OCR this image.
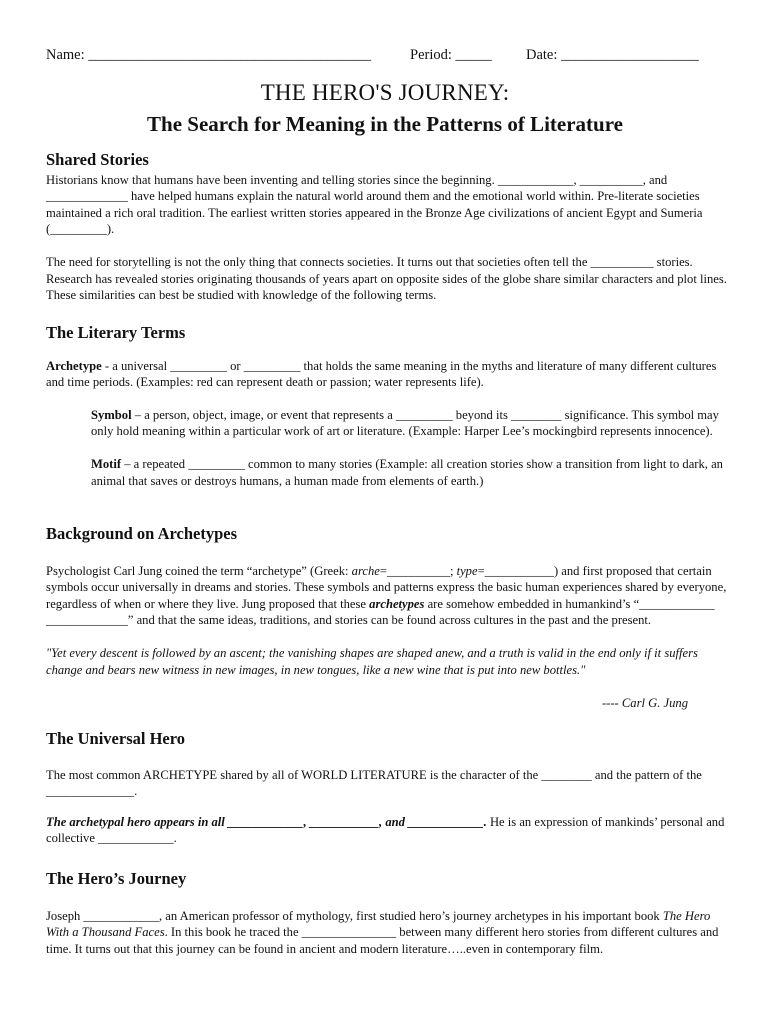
Name: _______________________________________	Period: _____ Date: ___________________
THE HERO'S JOURNEY:
The Search for Meaning in the Patterns of Literature
Shared Stories

Historians know that humans have been inventing and telling stories since the beginning. ____________, __________, and _____________ have helped humans explain the natural world around them and the emotional world within. Pre-literate societies maintained a rich oral tradition. The earliest written stories appeared in the Bronze Age civilizations of ancient Egypt and Sumeria (_________).

The need for storytelling is not the only thing that connects societies. It turns out that societies often tell the __________ stories. Research has revealed stories originating thousands of years apart on opposite sides of the globe share similar characters and plot lines. These similarities can best be studied with knowledge of the following terms.

The Literary Terms

Archetype - a universal _________ or _________ that holds the same meaning in the myths and literature of many different cultures and time periods. (Examples: red can represent death or passion; water represents life).

Symbol – a person, object, image, or event that represents a _________ beyond its ________ significance. This symbol may only hold meaning within a particular work of art or literature. (Example: Harper Lee’s mockingbird represents innocence).

Motif – a repeated _________ common to many stories (Example: all creation stories show a transition from light to dark, an animal that saves or destroys humans, a human made from elements of earth.)

Background on Archetypes

Psychologist Carl Jung coined the term “archetype” (Greek: arche=__________; type=___________) and first proposed that certain symbols occur universally in dreams and stories. These symbols and patterns express the basic human experiences shared by everyone, regardless of when or where they live. Jung proposed that these archetypes are somehow embedded in humankind’s “____________ _____________” and that the same ideas, traditions, and stories can be found across cultures in the past and the present.

"Yet every descent is followed by an ascent; the vanishing shapes are shaped anew, and a truth is valid in the end only if it suffers change and bears new witness in new images, in new tongues, like a new wine that is put into new bottles."

---- Carl G. Jung

The Universal Hero

The most common ARCHETYPE shared by all of WORLD LITERATURE is the character of the ________ and the pattern of the ______________.

The archetypal hero appears in all ____________, ___________, and ____________. He is an expression of mankinds’ personal and collective ____________.

The Hero’s Journey

Joseph ____________, an American professor of mythology, first studied hero’s journey archetypes in his important book The Hero With a Thousand Faces. In this book he traced the _______________ between many different hero stories from different cultures and time. It turns out that this journey can be found in ancient and modern literature…..even in contemporary film.
